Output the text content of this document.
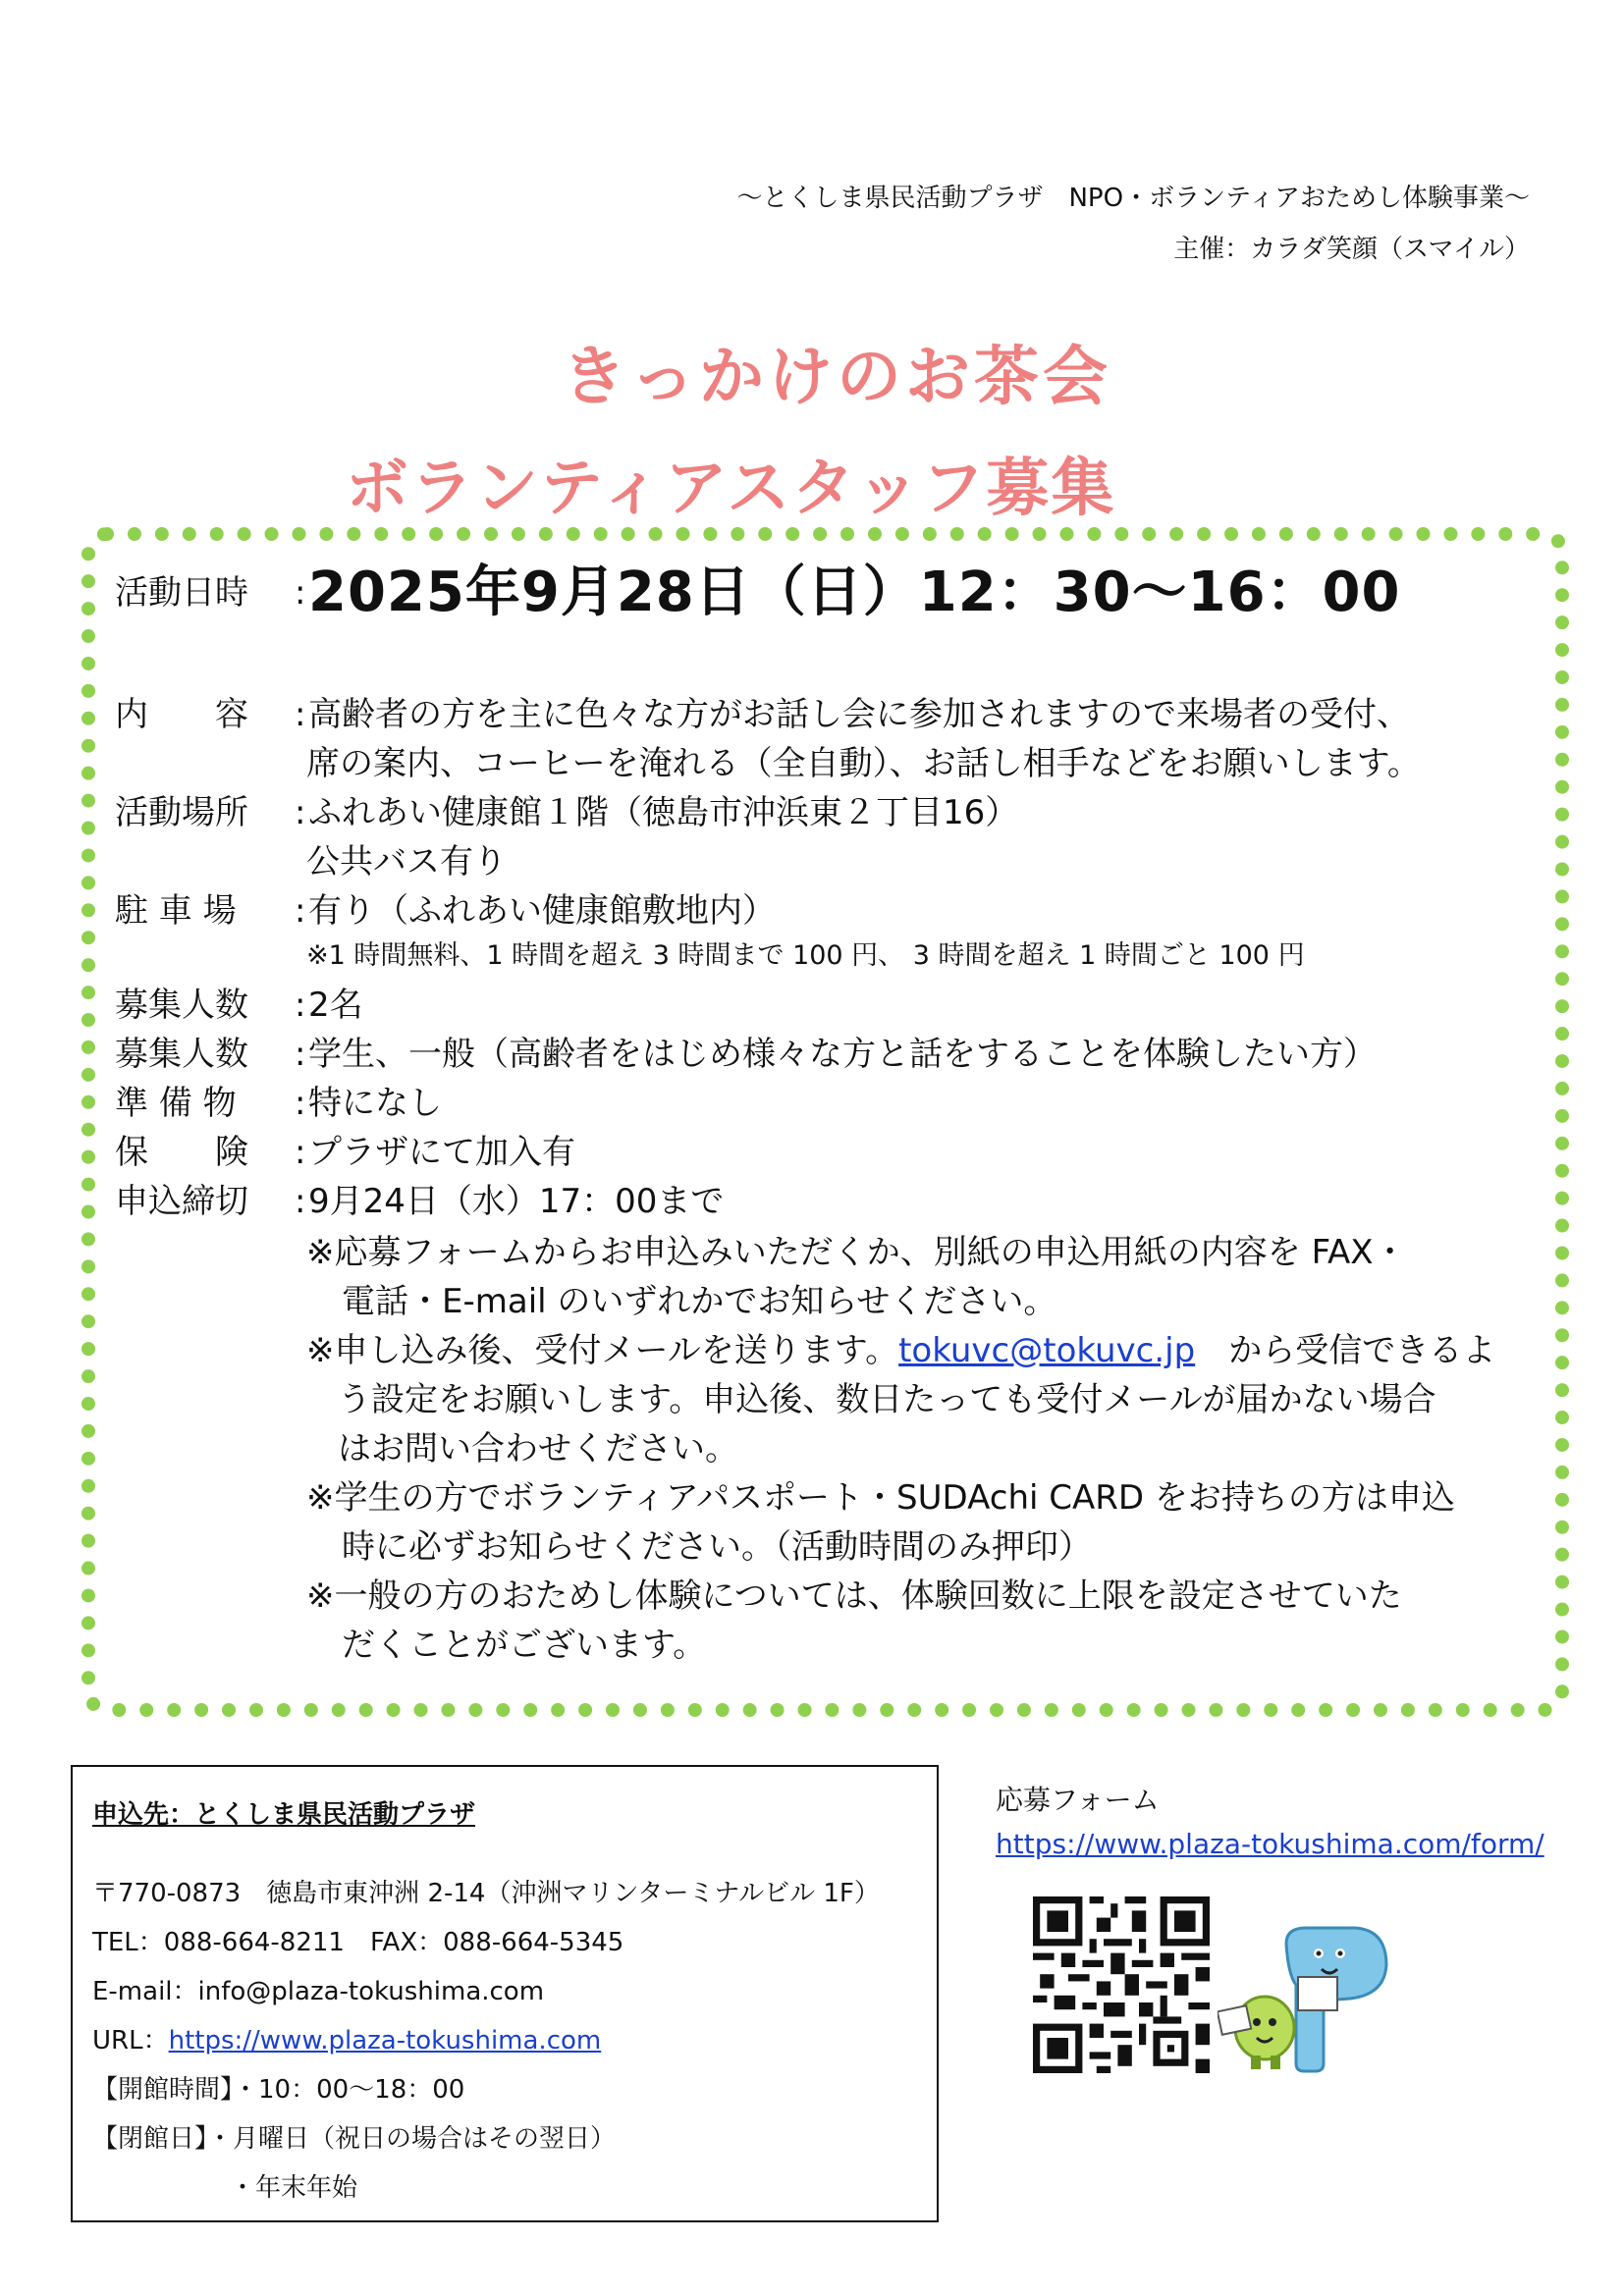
～とくしま県民活動プラザ　NPO・ボランティアおためし体験事業～
主催：カラダ笑顔（スマイル）
きっかけのお茶会
ボランティアスタッフ募集
活動日時	: 2025年9月28日（日）12：30～16：00
内　　容	: 高齢者の方を主に色々な方がお話し会に参加されますので来場者の受付、
席の案内、コーヒーを淹れる（全自動）、お話し相手などをお願いします。
活動場所	: ふれあい健康館１階（徳島市沖浜東２丁目16）
公共バス有り
駐 車 場	: 有り（ふれあい健康館敷地内）
※1 時間無料、1 時間を超え 3 時間まで 100 円、 3 時間を超え 1 時間ごと 100 円
募集人数	: 2名
募集人数	: 学生、一般（高齢者をはじめ様々な方と話をすることを体験したい方）
準 備 物	: 特になし
保　　険	: プラザにて加入有
申込締切	: 9月24日（水）17：00まで
※応募フォームからお申込みいただくか、別紙の申込用紙の内容を FAX・
電話・E-mail のいずれかでお知らせください。
※申し込み後、受付メールを送ります。tokuvc@tokuvc.jp　 から受信できるよ
う設定をお願いします。申込後、数日たっても受付メールが届かない場合
はお問い合わせください。
※学生の方でボランティアパスポート・SUDAchi CARD をお持ちの方は申込
時に必ずお知らせください。（活動時間のみ押印）
※一般の方のおためし体験については、体験回数に上限を設定させていた
だくことがございます。
申込先：とくしま県民活動プラザ
〒770-0873　徳島市東沖洲 2-14（沖洲マリンターミナルビル 1F）
TEL：088-664-8211　FAX：088-664-5345
E-mail：info@plaza-tokushima.com
URL：https://www.plaza-tokushima.com
【開館時間】・10：00～18：00
【閉館日】・月曜日（祝日の場合はその翌日）
・年末年始
応募フォーム
https://www.plaza-tokushima.com/form/
